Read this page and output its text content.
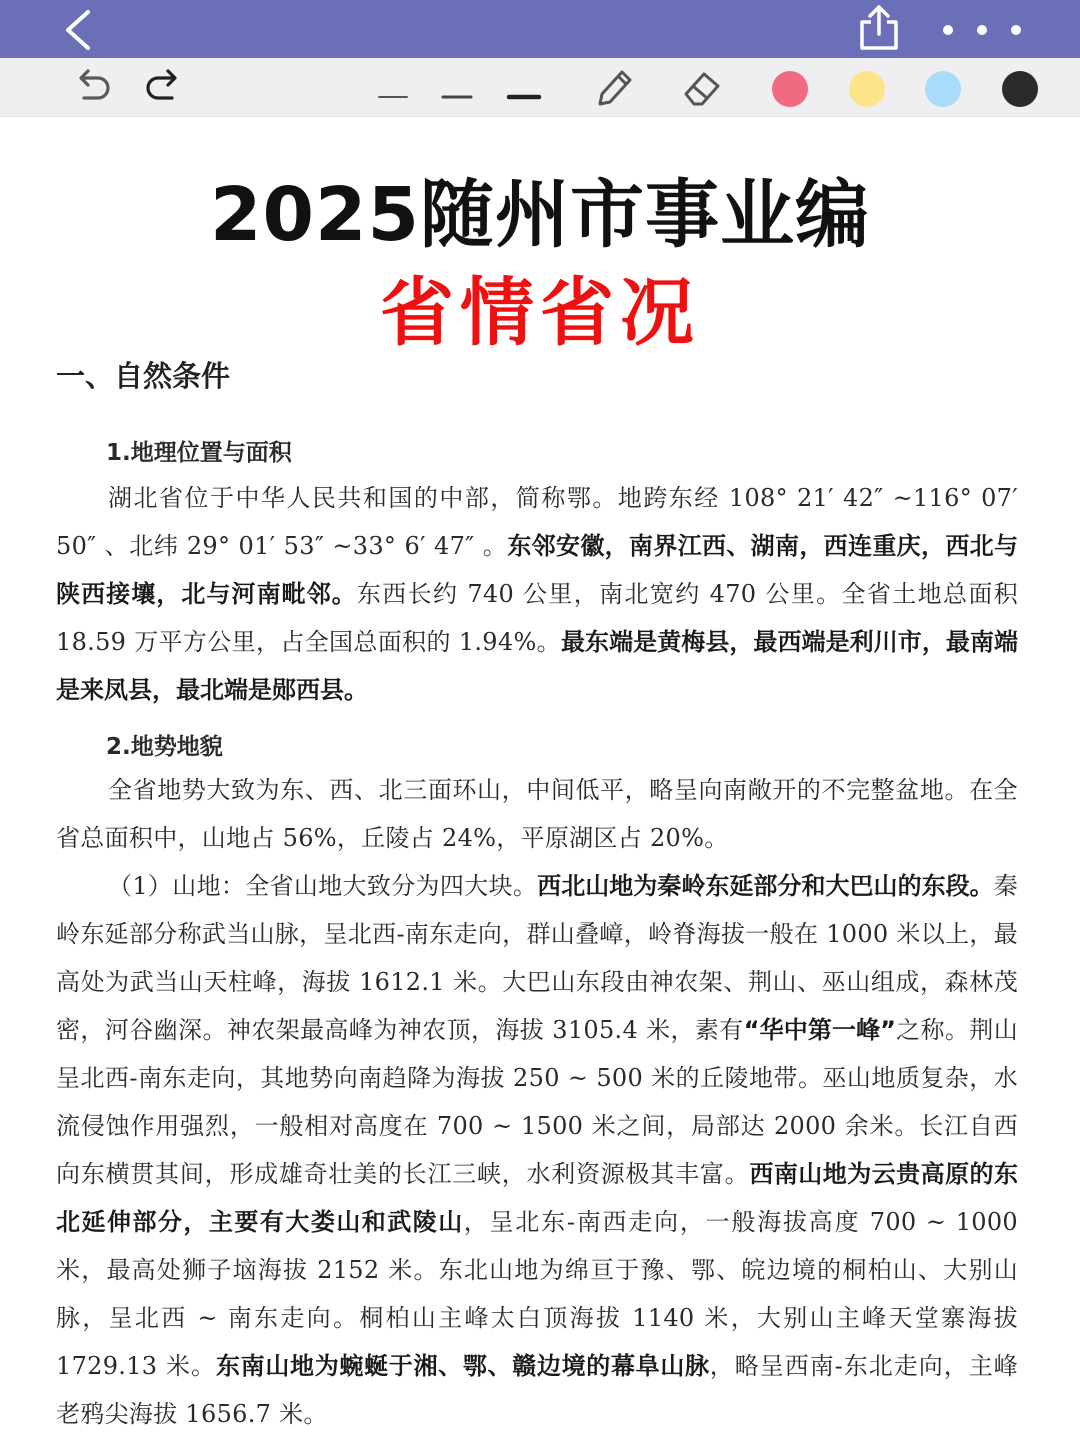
2025随州市事业编
省情省况
一、自然条件
1.地理位置与面积
湖北省位于中华人民共和国的中部，简称鄂。地跨东经 108° 21′ 42″ ~116° 07′ 50″ 、北纬 29° 01′ 53″ ~33° 6′ 47″ 。东邻安徽，南界江西、湖南，西连重庆，西北与陕西接壤，北与河南毗邻。东西长约 740 公里，南北宽约 470 公里。全省土地总面积 18.59 万平方公里，占全国总面积的 1.94%。最东端是黄梅县，最西端是利川市，最南端是来凤县，最北端是郧西县。
2.地势地貌
全省地势大致为东、西、北三面环山，中间低平，略呈向南敞开的不完整盆地。在全省总面积中，山地占 56%，丘陵占 24%，平原湖区占 20%。
（1）山地：全省山地大致分为四大块。西北山地为秦岭东延部分和大巴山的东段。秦岭东延部分称武当山脉，呈北西-南东走向，群山叠嶂，岭脊海拔一般在 1000 米以上，最高处为武当山天柱峰，海拔 1612.1 米。大巴山东段由神农架、荆山、巫山组成，森林茂密，河谷幽深。神农架最高峰为神农顶，海拔 3105.4 米，素有“华中第一峰”之称。荆山呈北西-南东走向，其地势向南趋降为海拔 250 ~ 500 米的丘陵地带。巫山地质复杂，水流侵蚀作用强烈，一般相对高度在 700 ~ 1500 米之间，局部达 2000 余米。长江自西向东横贯其间，形成雄奇壮美的长江三峡，水利资源极其丰富。西南山地为云贵高原的东北延伸部分，主要有大娄山和武陵山，呈北东-南西走向，一般海拔高度 700 ~ 1000 米，最高处狮子垴海拔 2152 米。东北山地为绵亘于豫、鄂、皖边境的桐柏山、大别山脉，呈北西 ~ 南东走向。桐柏山主峰太白顶海拔 1140 米，大别山主峰天堂寨海拔 1729.13 米。东南山地为蜿蜒于湘、鄂、赣边境的幕阜山脉，略呈西南-东北走向，主峰老鸦尖海拔 1656.7 米。
